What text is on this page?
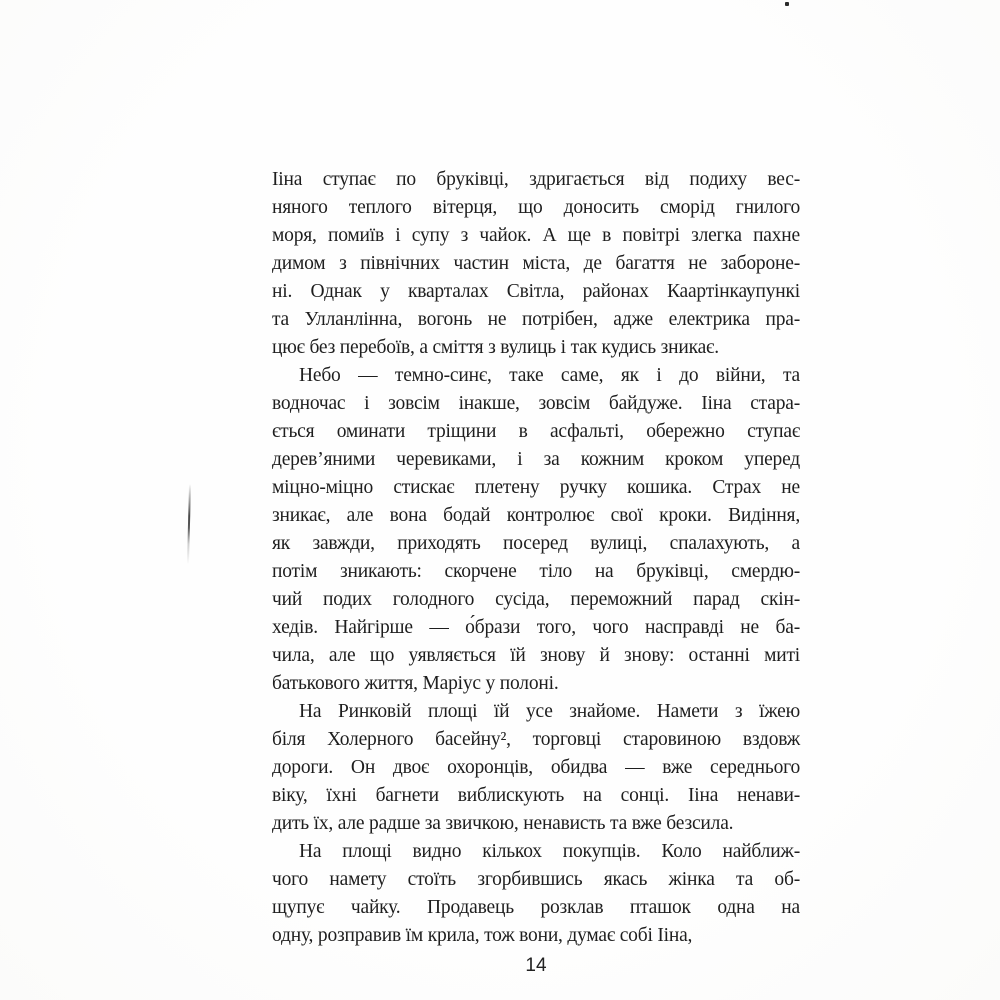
Ііна ступає по бруківці, здригається від подиху вес-
няного теплого вітерця, що доносить сморід гнилого
моря, помиїв і супу з чайок. А ще в повітрі злегка пахне
димом з північних частин міста, де багаття не заборонe-
ні. Однак у кварталах Світла, районах Каартінкаупункі
та Улланлінна, вогонь не потрібен, адже електрика пра-
цює без перебоїв, а сміття з вулиць і так кудись зникає.
Небо — темно-синє, таке саме, як і до війни, та
водночас і зовсім інакше, зовсім байдуже. Ііна стара-
ється оминати тріщини в асфальті, обережно ступає
дерев’яними черевиками, і за кожним кроком уперед
міцно-міцно стискає плетену ручку кошика. Страх не
зникає, але вона бодай контролює свої кроки. Видіння,
як завжди, приходять посеред вулиці, спалахують, а
потім зникають: скорчене тіло на бруківці, смердю-
чий подих голодного сусіда, переможний парад скін-
хедів. Найгірше — о́брази того, чого насправді не ба-
чила, але що уявляється їй знову й знову: останні миті
батькового життя, Маріус у полоні.
На Ринковій площі їй усе знайоме. Намети з їжею
біля Холерного басейну², торговці старовиною вздовж
дороги. Он двоє охоронців, обидва — вже середнього
віку, їхні багнети виблискують на сонці. Ііна ненави-
дить їх, але радше за звичкою, ненависть та вже безсила.
На площі видно кількох покупців. Коло найближ-
чого намету стоїть згорбившись якась жінка та об-
щупує чайку. Продавець розклав пташок одна на
одну, розправив їм крила, тож вони, думає собі Ііна,
14
